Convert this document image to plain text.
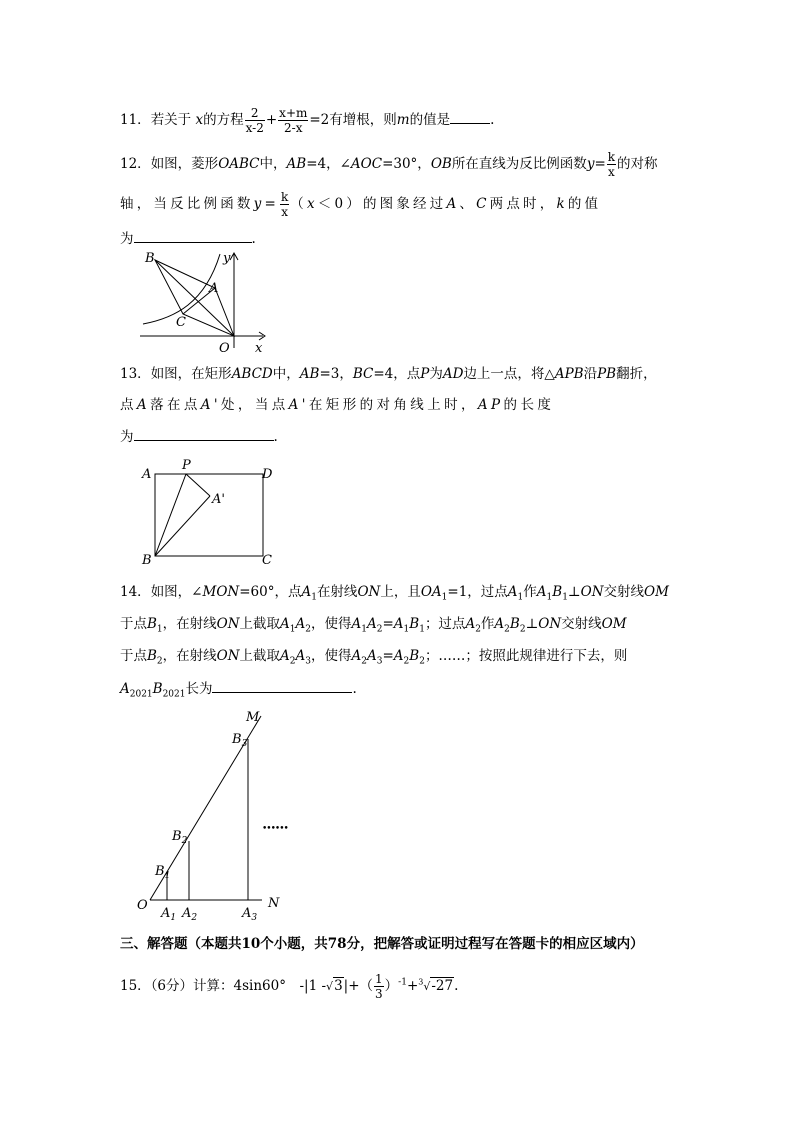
11．若关于 x的方程 $\frac{2}{x-2} + \frac{x+m}{2-x} =2$有增根，则m的值是	.
12．如图，菱形OABC中，AB=4，∠AOC=30°，OB所在直线为反比例函数$y= \frac{k}{x}$ 的对称
轴，当反比例函数$y= \frac{k}{x} (x<0)$的图象经过A、C两点时，k的值
为	.
B	y
A
C
O x
13．如图，在矩形ABCD中，AB=3，BC=4，点P为AD边上一点，将△APB沿PB翻折，
点A落在点A'处，当点A'在矩形的对角线上时，AP的长度
为	.
A
P
D
A'
B	C
14．如图，∠MON=60°，点$A_1$在射线ON上，且$OA_1=1$，过点$A_1$作$A_1B_1\perp ON$交射线OM
于点$B_1$，在射线ON上截取$A_1A_2$，使得$A_1A_2=A_1B_1$；过点$A_2$作$A_2B_2\perp ON$交射线OM
于点$B_2$，在射线ON上截取$A_2A_3$，使得$A_2A_3=A_2B_2$；……；按照此规律进行下去，则
$A_{2021}B_{2021}$长为	.
M
$B_3$
$B_2$
$B_1$
O
$A_1$ $A_2$	$A_3$
N
••••••
三、解答题（本题共10个小题，共78分，把解答或证明过程写在答题卡的相应区域内）
15．（6分）计算：4sin60°　-|1 $-√3|+( \frac{1}{3} )^{-1}+^3√-27$.
